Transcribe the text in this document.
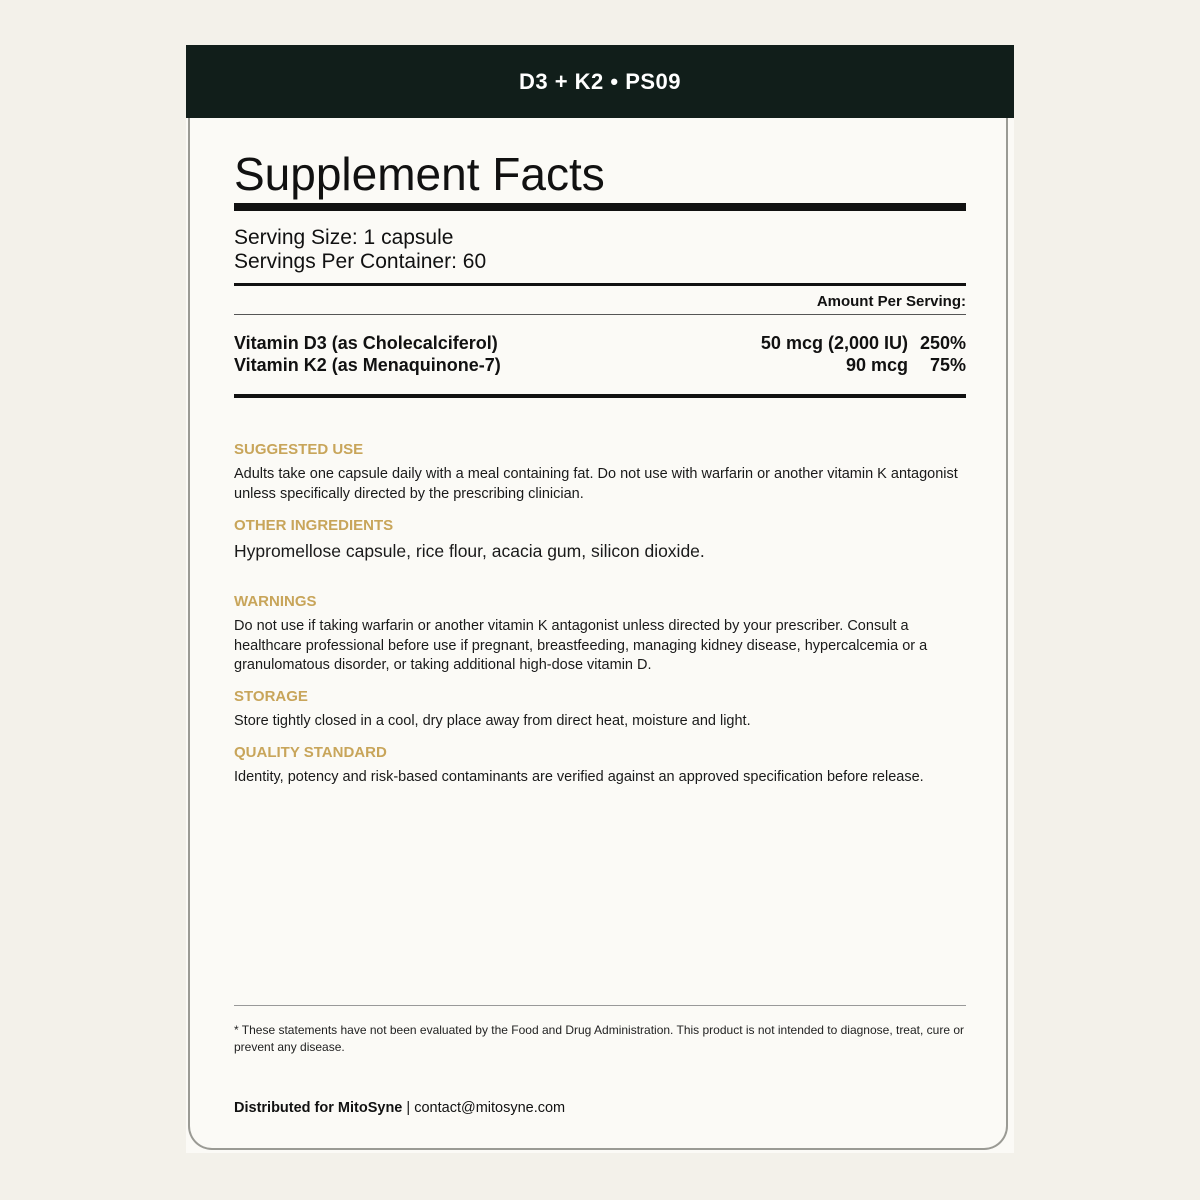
D3 + K2 • PS09
Supplement Facts
Serving Size: 1 capsule
Servings Per Container: 60
Amount Per Serving:
Vitamin D3 (as Cholecalciferol)	50 mcg (2,000 IU) 250%
Vitamin K2 (as Menaquinone-7)	90 mcg	75%
SUGGESTED USE
Adults take one capsule daily with a meal containing fat. Do not use with warfarin or another vitamin K antagonist unless specifically directed by the prescribing clinician.
OTHER INGREDIENTS
Hypromellose capsule, rice flour, acacia gum, silicon dioxide.
WARNINGS
Do not use if taking warfarin or another vitamin K antagonist unless directed by your prescriber. Consult a healthcare professional before use if pregnant, breastfeeding, managing kidney disease, hypercalcemia or a granulomatous disorder, or taking additional high-dose vitamin D.
STORAGE
Store tightly closed in a cool, dry place away from direct heat, moisture and light.
QUALITY STANDARD
Identity, potency and risk-based contaminants are verified against an approved specification before release.
* These statements have not been evaluated by the Food and Drug Administration. This product is not intended to diagnose, treat, cure or prevent any disease.
Distributed for MitoSyne | contact@mitosyne.com
